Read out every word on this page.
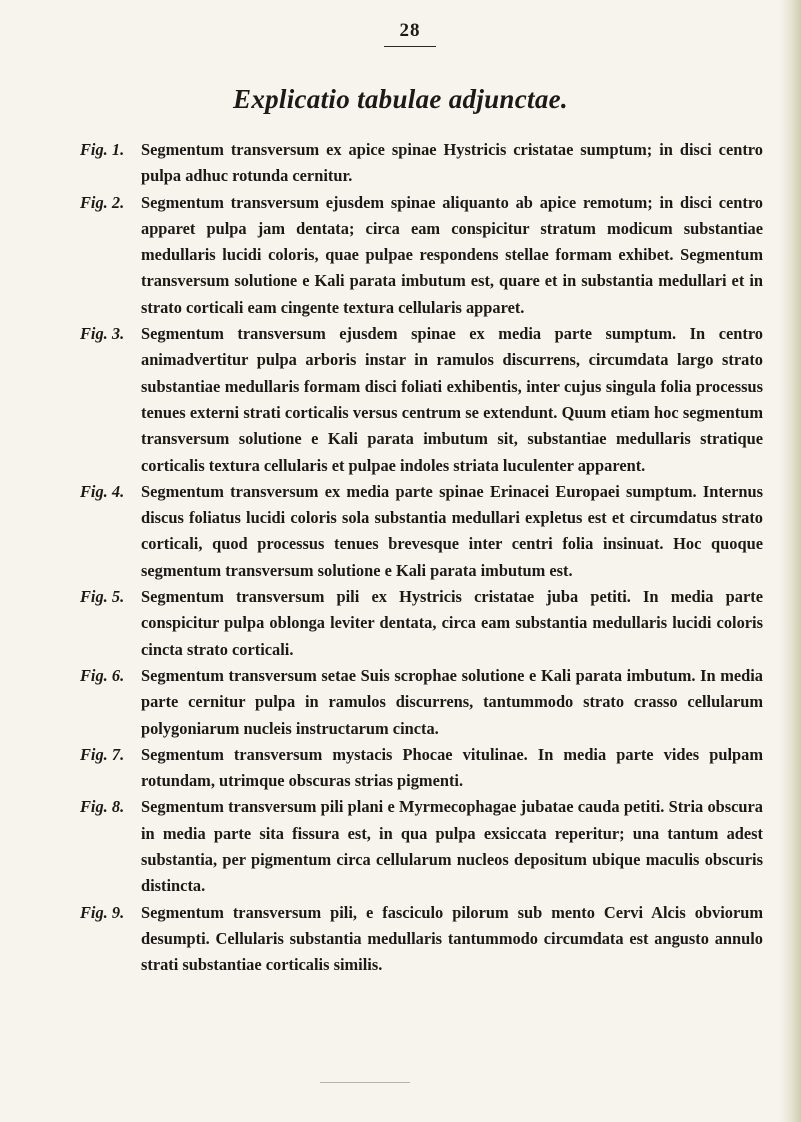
28
Explicatio tabulae adjunctae.

Fig. 1. Segmentum transversum ex apice spinae Hystricis cristatae sumptum; in disci centro pulpa adhuc rotunda cernitur.

Fig. 2. Segmentum transversum ejusdem spinae aliquanto ab apice remotum; in disci centro apparet pulpa jam dentata; circa eam conspicitur stratum modicum substantiae medullaris lucidi coloris, quae pulpae respondens stellae formam exhibet. Segmentum transversum solutione e Kali parata imbutum est, quare et in substantia medullari et in strato corticali eam cingente textura cellularis apparet.

Fig. 3. Segmentum transversum ejusdem spinae ex media parte sumptum. In centro animadvertitur pulpa arboris instar in ramulos discurrens, circumdata largo strato substantiae medullaris formam disci foliati exhibentis, inter cujus singula folia processus tenues externi strati corticalis versus centrum se extendunt. Quum etiam hoc segmentum transversum solutione e Kali parata imbutum sit, substantiae medullaris stratique corticalis textura cellularis et pulpae indoles striata luculenter apparent.

Fig. 4. Segmentum transversum ex media parte spinae Erinacei Europaei sumptum. Internus discus foliatus lucidi coloris sola substantia medullari expletus est et circumdatus strato corticali, quod processus tenues brevesque inter centri folia insinuat. Hoc quoque segmentum transversum solutione e Kali parata imbutum est.

Fig. 5. Segmentum transversum pili ex Hystricis cristatae juba petiti. In media parte conspicitur pulpa oblonga leviter dentata, circa eam substantia medullaris lucidi coloris cincta strato corticali.

Fig. 6. Segmentum transversum setae Suis scrophae solutione e Kali parata imbutum. In media parte cernitur pulpa in ramulos discurrens, tantummodo strato crasso cellularum polygoniarum nucleis instructarum cincta.

Fig. 7. Segmentum transversum mystacis Phocae vitulinae. In media parte vides pulpam rotundam, utrimque obscuras strias pigmenti.

Fig. 8. Segmentum transversum pili plani e Myrmecophagae jubatae cauda petiti. Stria obscura in media parte sita fissura est, in qua pulpa exsiccata reperitur; una tantum adest substantia, per pigmentum circa cellularum nucleos depositum ubique maculis obscuris distincta.

Fig. 9. Segmentum transversum pili, e fasciculo pilorum sub mento Cervi Alcis obviorum desumpti. Cellularis substantia medullaris tantummodo circumdata est angusto annulo strati substantiae corticalis similis.
